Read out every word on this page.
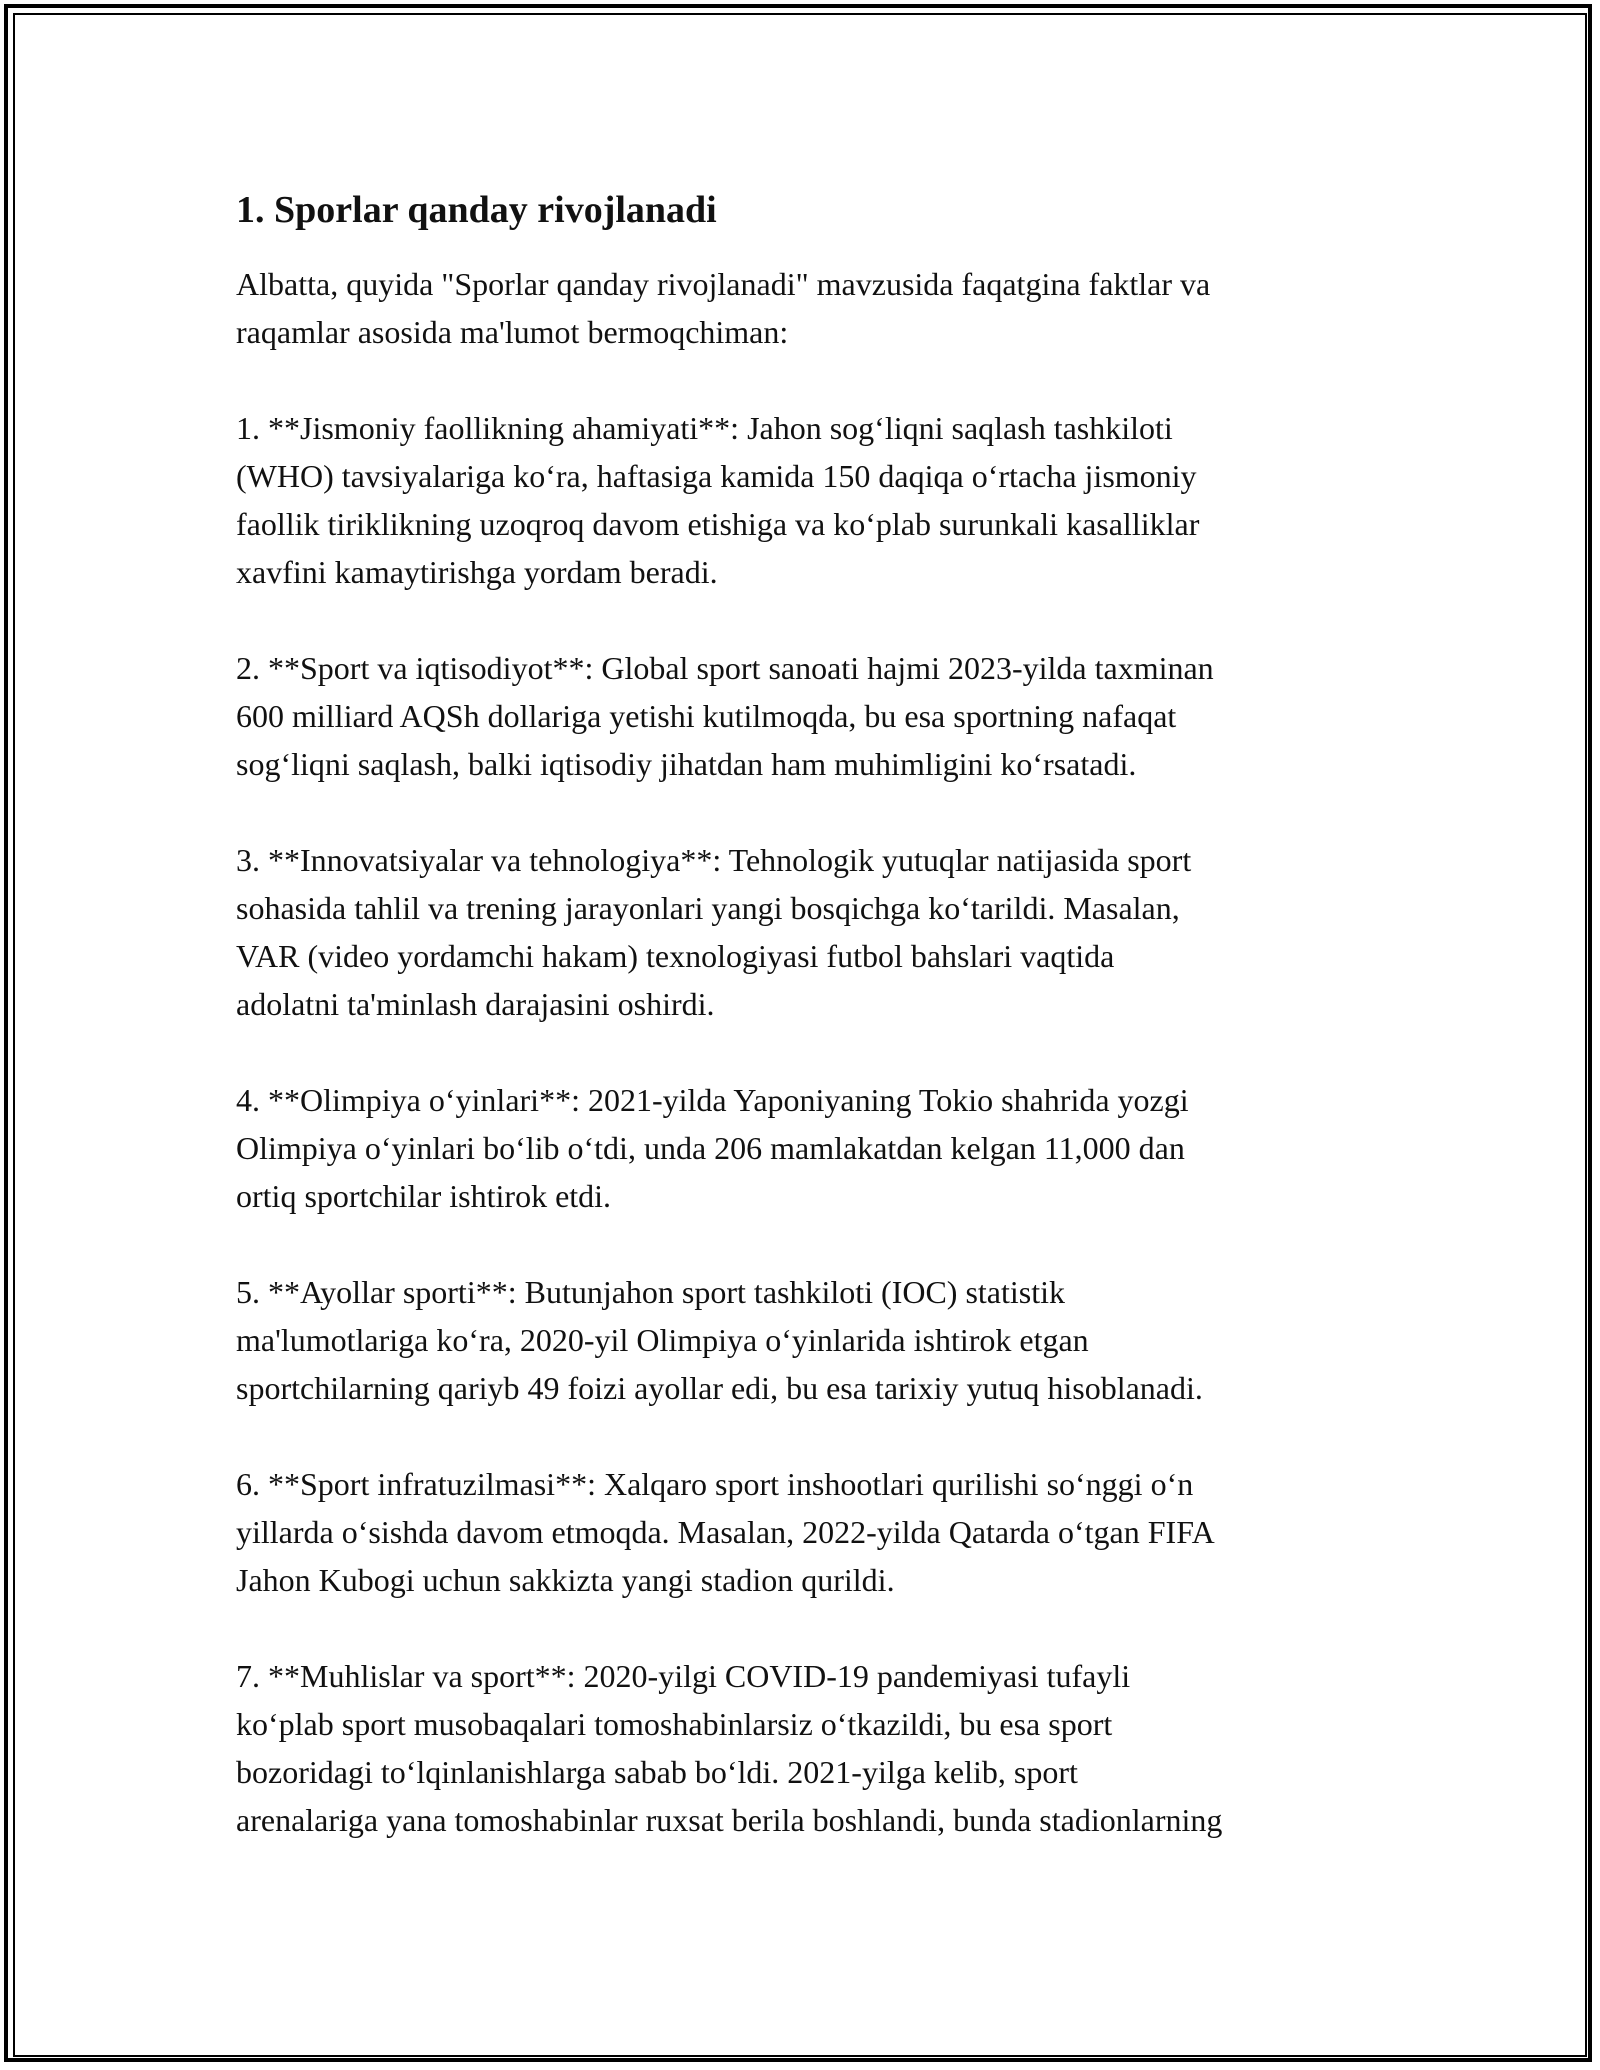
1. Sporlar qanday rivojlanadi

Albatta, quyida "Sporlar qanday rivojlanadi" mavzusida faqatgina faktlar va
raqamlar asosida ma'lumot bermoqchiman:

1. **Jismoniy faollikning ahamiyati**: Jahon sog‘liqni saqlash tashkiloti
(WHO) tavsiyalariga ko‘ra, haftasiga kamida 150 daqiqa o‘rtacha jismoniy
faollik tiriklikning uzoqroq davom etishiga va ko‘plab surunkali kasalliklar
xavfini kamaytirishga yordam beradi.

2. **Sport va iqtisodiyot**: Global sport sanoati hajmi 2023-yilda taxminan
600 milliard AQSh dollariga yetishi kutilmoqda, bu esa sportning nafaqat
sog‘liqni saqlash, balki iqtisodiy jihatdan ham muhimligini ko‘rsatadi.

3. **Innovatsiyalar va tehnologiya**: Tehnologik yutuqlar natijasida sport
sohasida tahlil va trening jarayonlari yangi bosqichga ko‘tarildi. Masalan,
VAR (video yordamchi hakam) texnologiyasi futbol bahslari vaqtida
adolatni ta'minlash darajasini oshirdi.

4. **Olimpiya o‘yinlari**: 2021-yilda Yaponiyaning Tokio shahrida yozgi
Olimpiya o‘yinlari bo‘lib o‘tdi, unda 206 mamlakatdan kelgan 11,000 dan
ortiq sportchilar ishtirok etdi.

5. **Ayollar sporti**: Butunjahon sport tashkiloti (IOC) statistik
ma'lumotlariga ko‘ra, 2020-yil Olimpiya o‘yinlarida ishtirok etgan
sportchilarning qariyb 49 foizi ayollar edi, bu esa tarixiy yutuq hisoblanadi.

6. **Sport infratuzilmasi**: Xalqaro sport inshootlari qurilishi so‘nggi o‘n
yillarda o‘sishda davom etmoqda. Masalan, 2022-yilda Qatarda o‘tgan FIFA
Jahon Kubogi uchun sakkizta yangi stadion qurildi.

7. **Muhlislar va sport**: 2020-yilgi COVID-19 pandemiyasi tufayli
ko‘plab sport musobaqalari tomoshabinlarsiz o‘tkazildi, bu esa sport
bozoridagi to‘lqinlanishlarga sabab bo‘ldi. 2021-yilga kelib, sport
arenalariga yana tomoshabinlar ruxsat berila boshlandi, bunda stadionlarning
